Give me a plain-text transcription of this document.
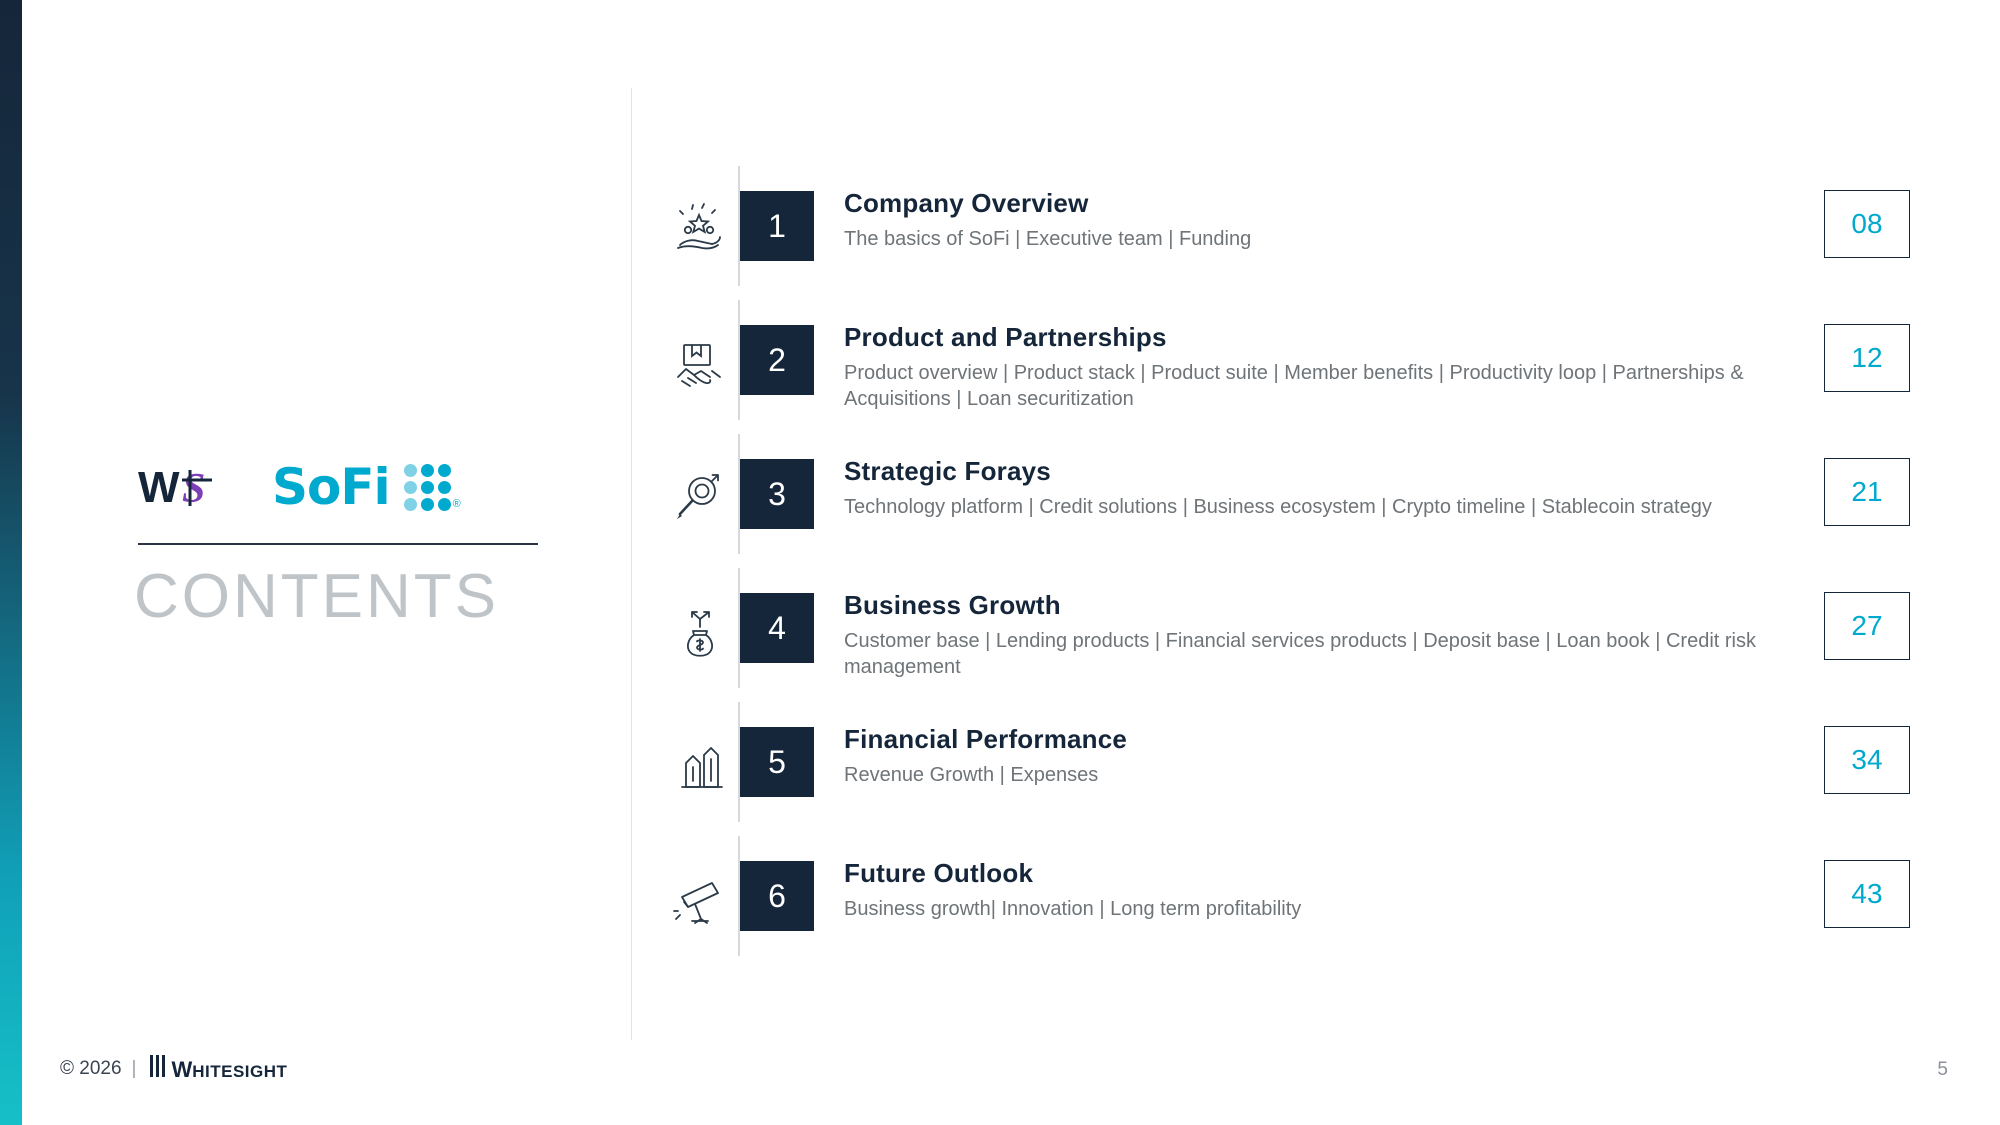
W S SoFi	®
CONTENTS
1
Company Overview
The basics of SoFi | Executive team | Funding
08
2
Product and Partnerships
Product overview | Product stack | Product suite | Member benefits | Productivity loop | Partnerships & Acquisitions | Loan securitization
12
3
Strategic Forays
Technology platform | Credit solutions | Business ecosystem | Crypto timeline | Stablecoin strategy
21
4
Business Growth
Customer base | Lending products | Financial services products | Deposit base | Loan book | Credit risk management
27
5
Financial Performance
Revenue Growth | Expenses
34
6
Future Outlook
Business growth| Innovation | Long term profitability
43
© 2026 | W HITESIGHT	5
